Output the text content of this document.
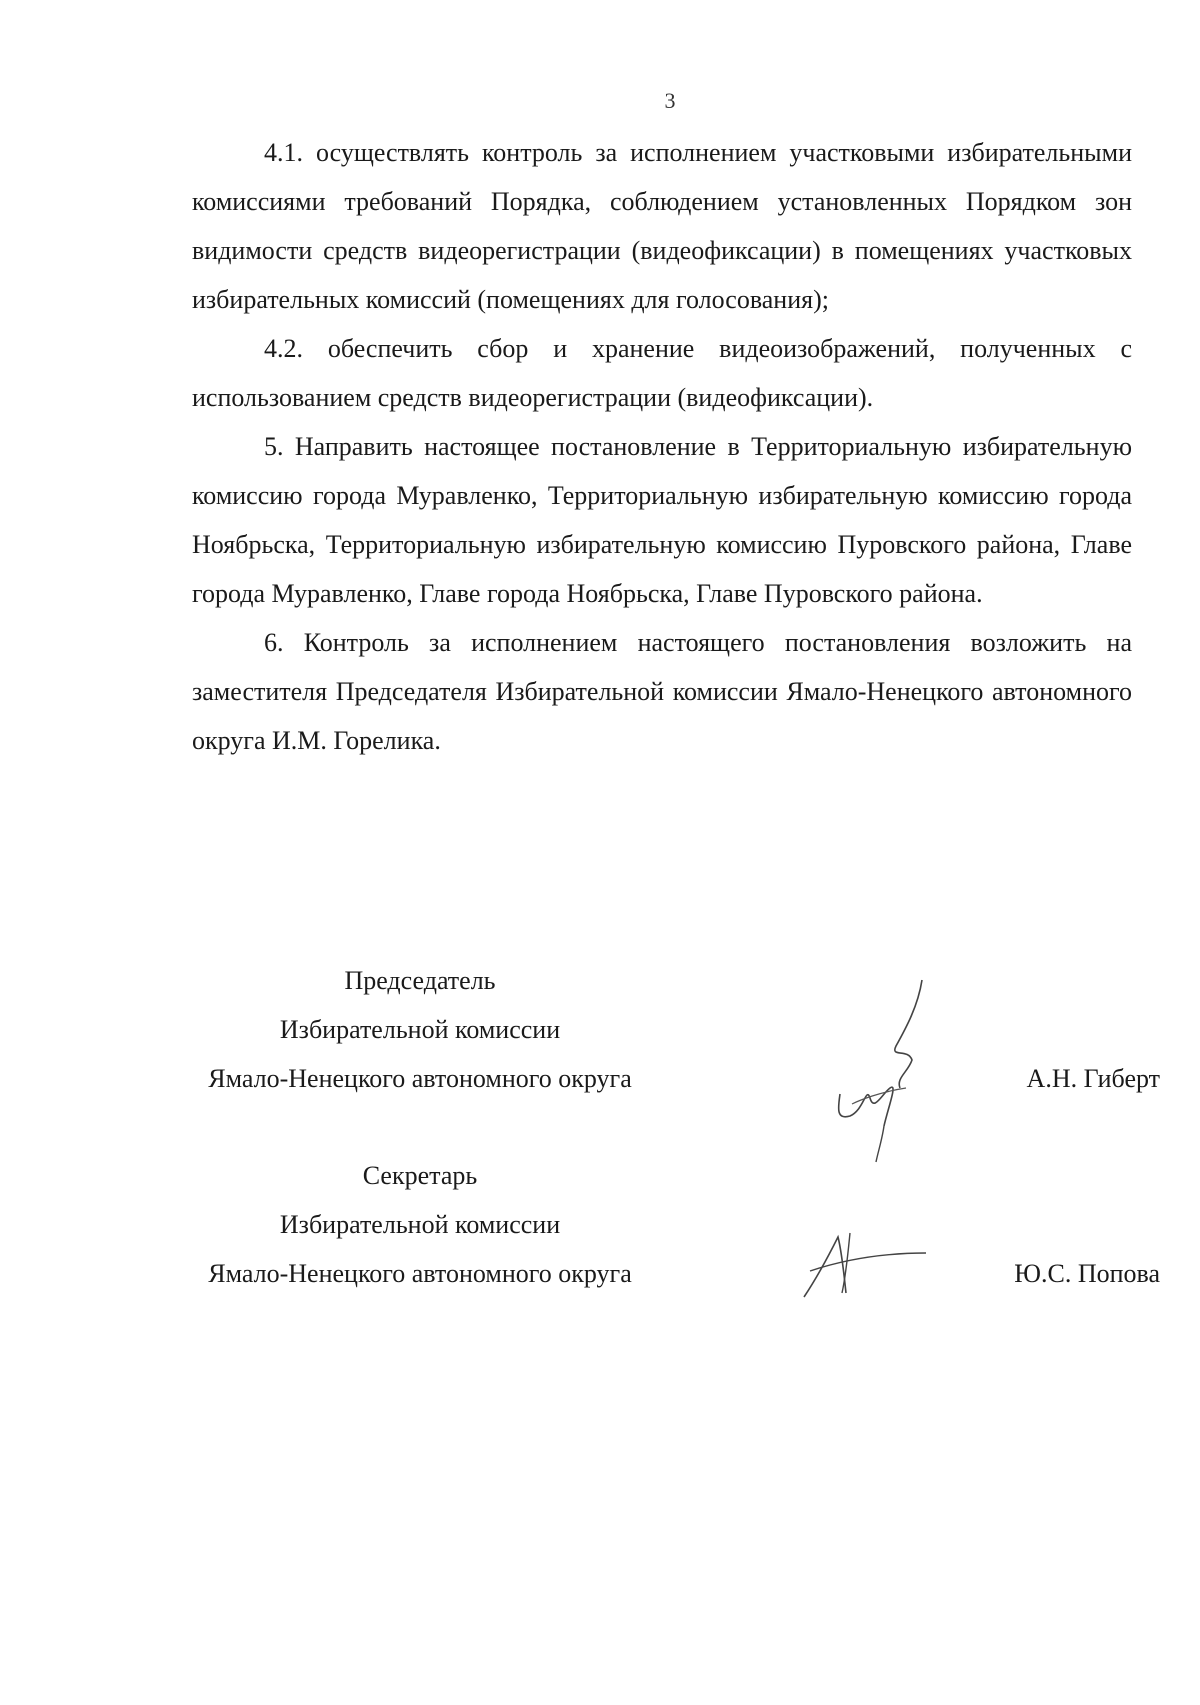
3

4.1. осуществлять контроль за исполнением участковыми избирательными комиссиями требований Порядка, соблюдением установленных Порядком зон видимости средств видеорегистрации (видеофиксации) в помещениях участковых избирательных комиссий (помещениях для голосования);

4.2. обеспечить сбор и хранение видеоизображений, полученных с использованием средств видеорегистрации (видеофиксации).

5. Направить настоящее постановление в Территориальную избирательную комиссию города Муравленко, Территориальную избирательную комиссию города Ноябрьска, Территориальную избирательную комиссию Пуровского района, Главе города Муравленко, Главе города Ноябрьска, Главе Пуровского района.

6. Контроль за исполнением настоящего постановления возложить на заместителя Председателя Избирательной комиссии Ямало-Ненецкого автономного округа И.М. Горелика.

Председатель
Избирательной комиссии
Ямало-Ненецкого автономного округа	А.Н. Гиберт
Секретарь
Избирательной комиссии
Ямало-Ненецкого автономного округа	Ю.С. Попова
